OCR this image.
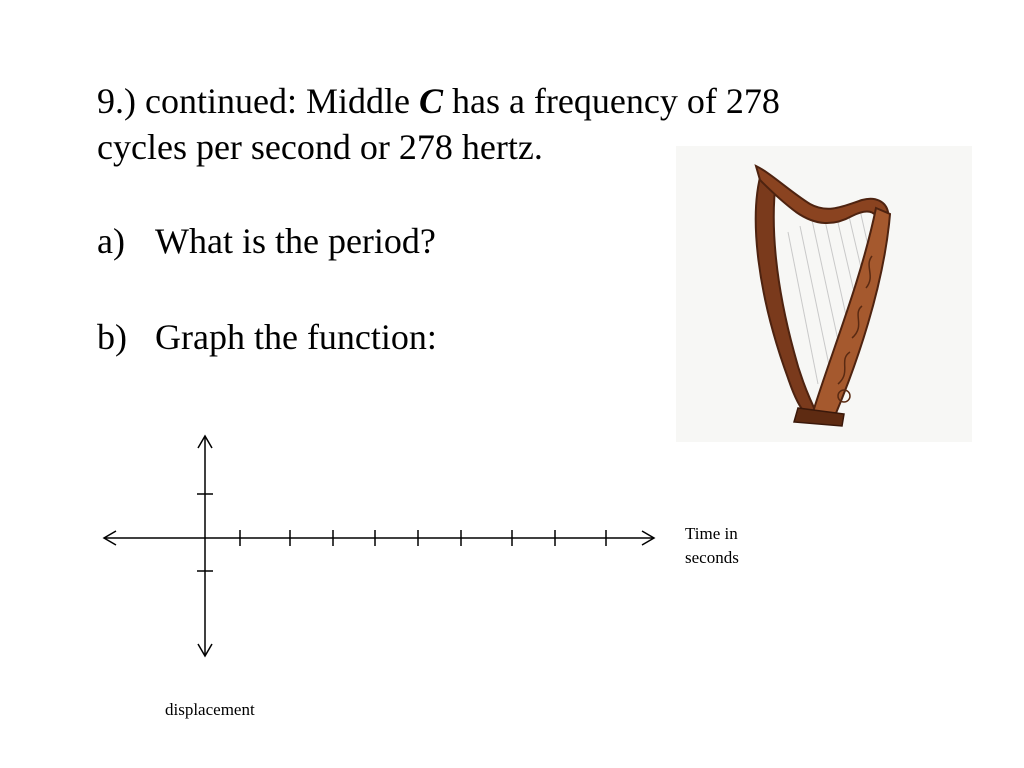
9.) continued: Middle C has a frequency of 278
cycles per second or 278 hertz.
a) What is the period?
b) Graph the function:
Time in
seconds
displacement
